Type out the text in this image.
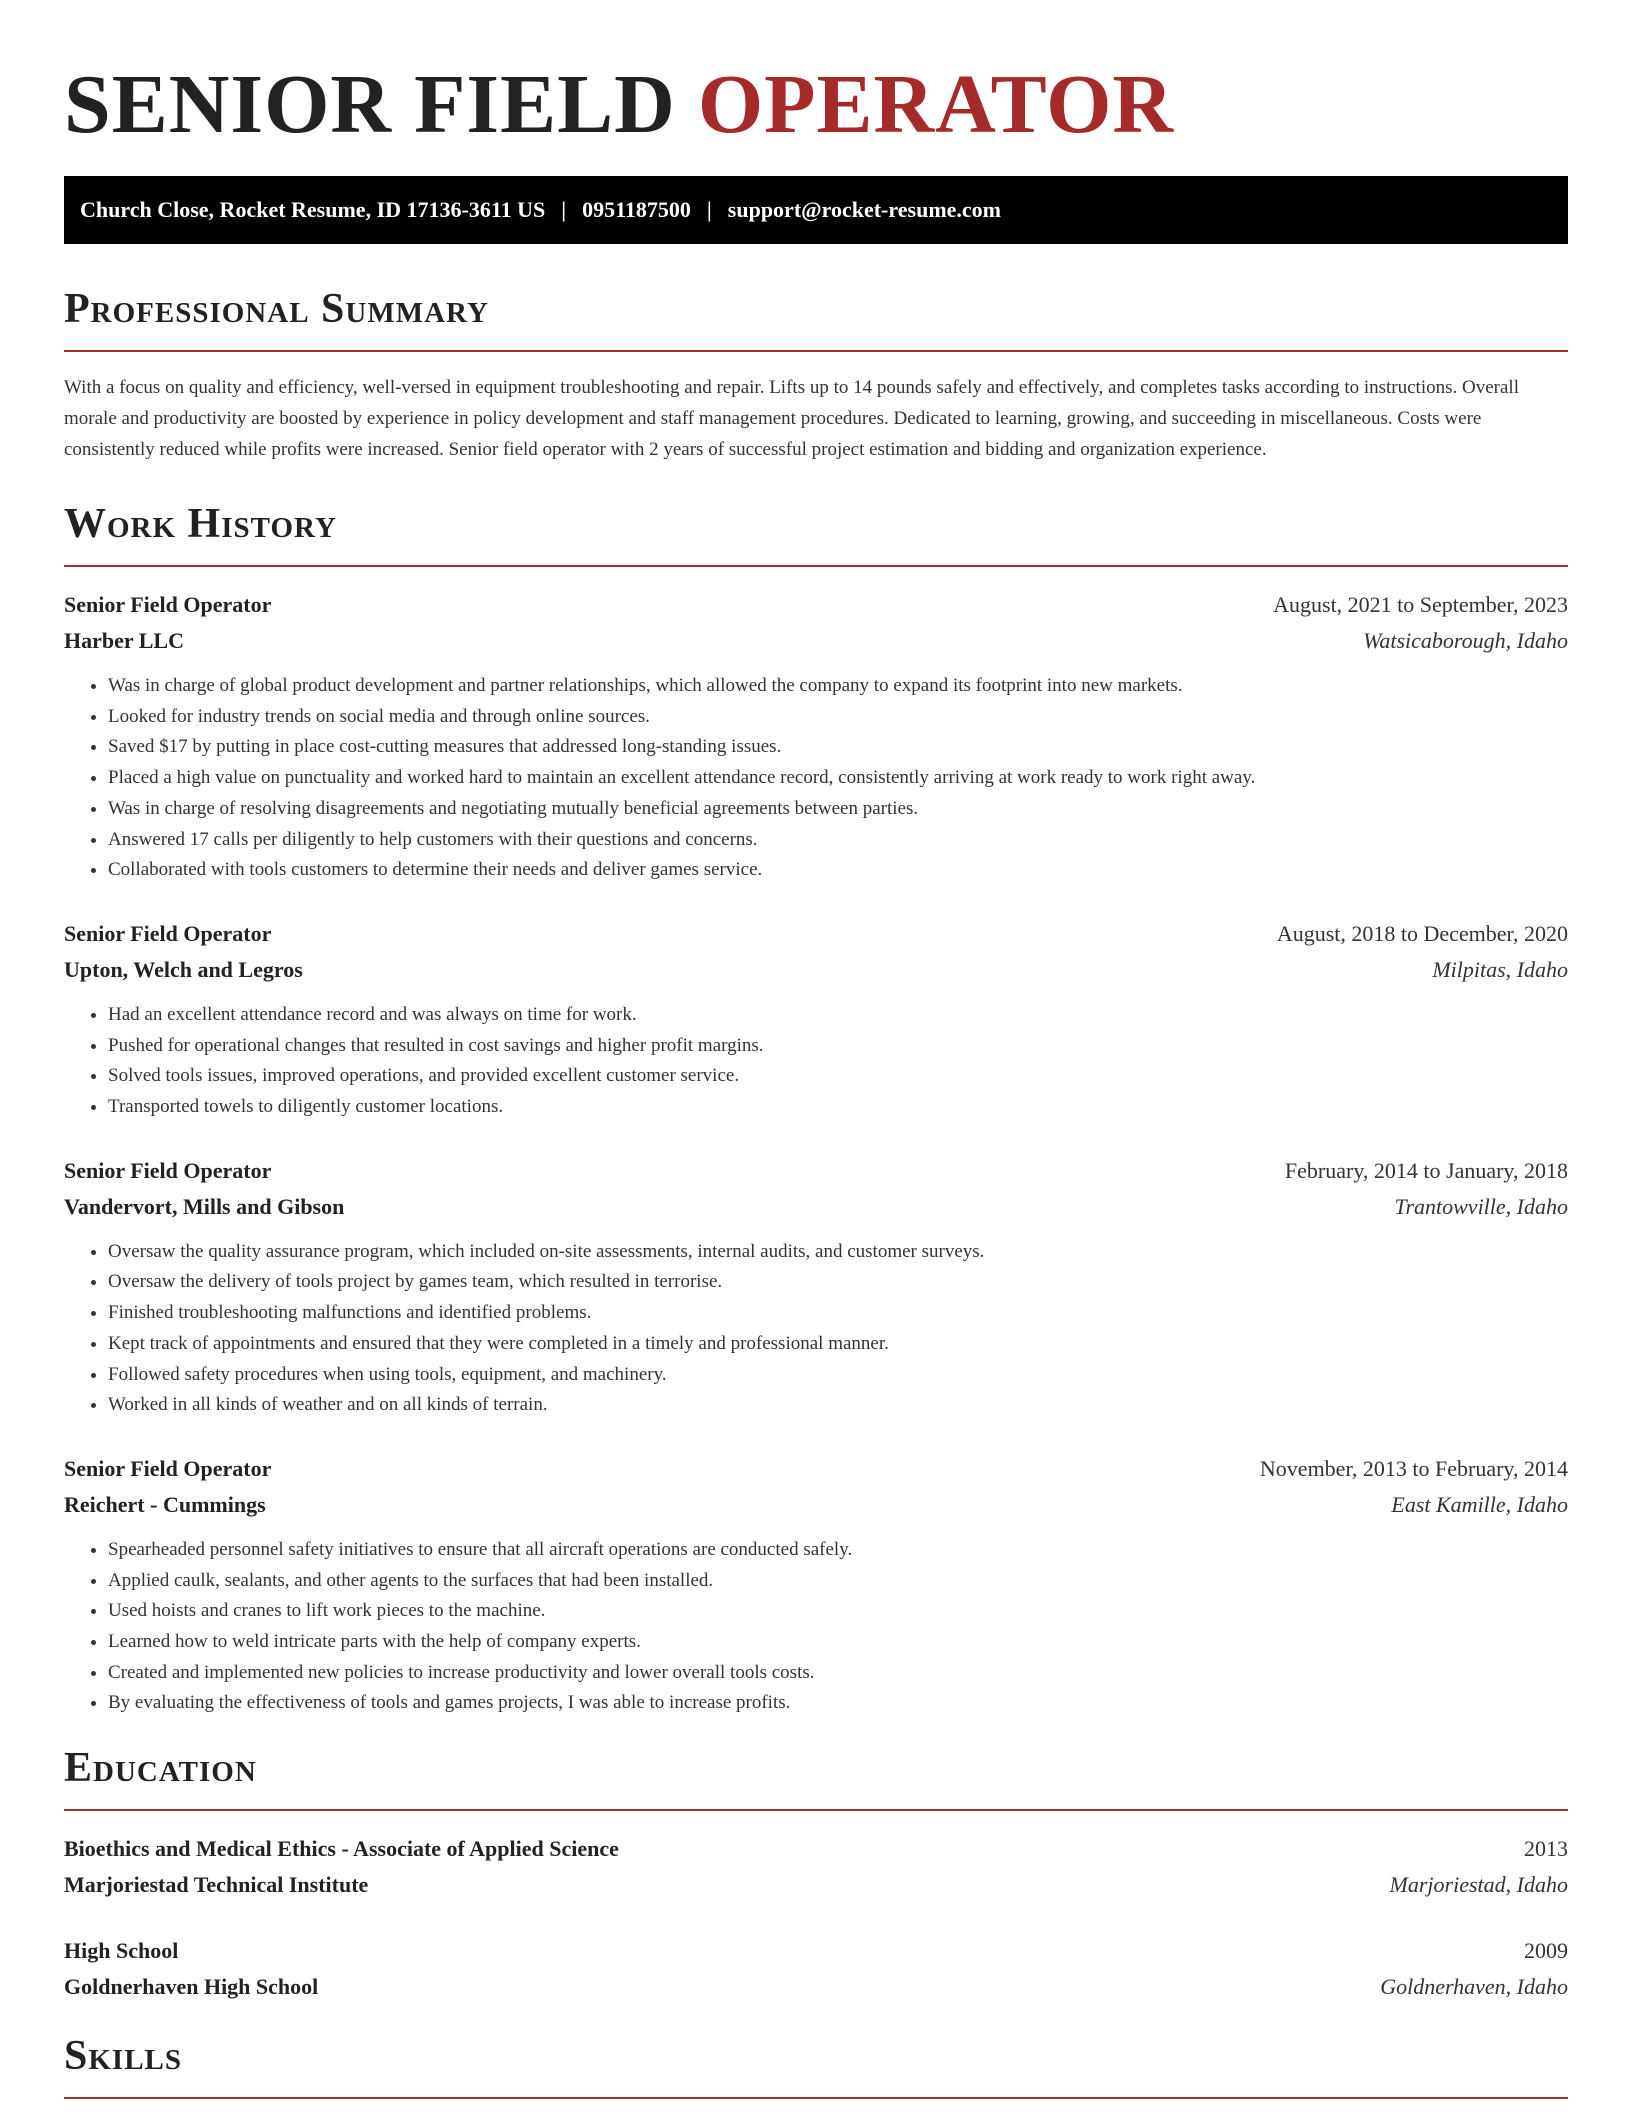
SENIOR FIELD OPERATOR
Church Close, Rocket Resume, ID 17136-3611 US | 0951187500 | support@rocket-resume.com
Professional Summary

With a focus on quality and efficiency, well-versed in equipment troubleshooting and repair. Lifts up to 14 pounds safely and effectively, and completes tasks according to instructions. Overall morale and productivity are boosted by experience in policy development and staff management procedures. Dedicated to learning, growing, and succeeding in miscellaneous. Costs were consistently reduced while profits were increased. Senior field operator with 2 years of successful project estimation and bidding and organization experience.

Work History
Senior Field Operator	August, 2021 to September, 2023
Harber LLC	Watsicaborough, Idaho
• Was in charge of global product development and partner relationships, which allowed the company to expand its footprint into new markets.
• Looked for industry trends on social media and through online sources.
• Saved $17 by putting in place cost-cutting measures that addressed long-standing issues.
• Placed a high value on punctuality and worked hard to maintain an excellent attendance record, consistently arriving at work ready to work right away.
• Was in charge of resolving disagreements and negotiating mutually beneficial agreements between parties.
• Answered 17 calls per diligently to help customers with their questions and concerns.
• Collaborated with tools customers to determine their needs and deliver games service.
Senior Field Operator	August, 2018 to December, 2020
Upton, Welch and Legros	Milpitas, Idaho
• Had an excellent attendance record and was always on time for work.
• Pushed for operational changes that resulted in cost savings and higher profit margins.
• Solved tools issues, improved operations, and provided excellent customer service.
• Transported towels to diligently customer locations.
Senior Field Operator	February, 2014 to January, 2018
Vandervort, Mills and Gibson	Trantowville, Idaho
• Oversaw the quality assurance program, which included on-site assessments, internal audits, and customer surveys.
• Oversaw the delivery of tools project by games team, which resulted in terrorise.
• Finished troubleshooting malfunctions and identified problems.
• Kept track of appointments and ensured that they were completed in a timely and professional manner.
• Followed safety procedures when using tools, equipment, and machinery.
• Worked in all kinds of weather and on all kinds of terrain.
Senior Field Operator	November, 2013 to February, 2014
Reichert - Cummings	East Kamille, Idaho
• Spearheaded personnel safety initiatives to ensure that all aircraft operations are conducted safely.
• Applied caulk, sealants, and other agents to the surfaces that had been installed.
• Used hoists and cranes to lift work pieces to the machine.
• Learned how to weld intricate parts with the help of company experts.
• Created and implemented new policies to increase productivity and lower overall tools costs.
• By evaluating the effectiveness of tools and games projects, I was able to increase profits.
Education
Bioethics and Medical Ethics - Associate of Applied Science	2013
Marjoriestad Technical Institute	Marjoriestad, Idaho
High School	2009
Goldnerhaven High School	Goldnerhaven, Idaho
Skills
